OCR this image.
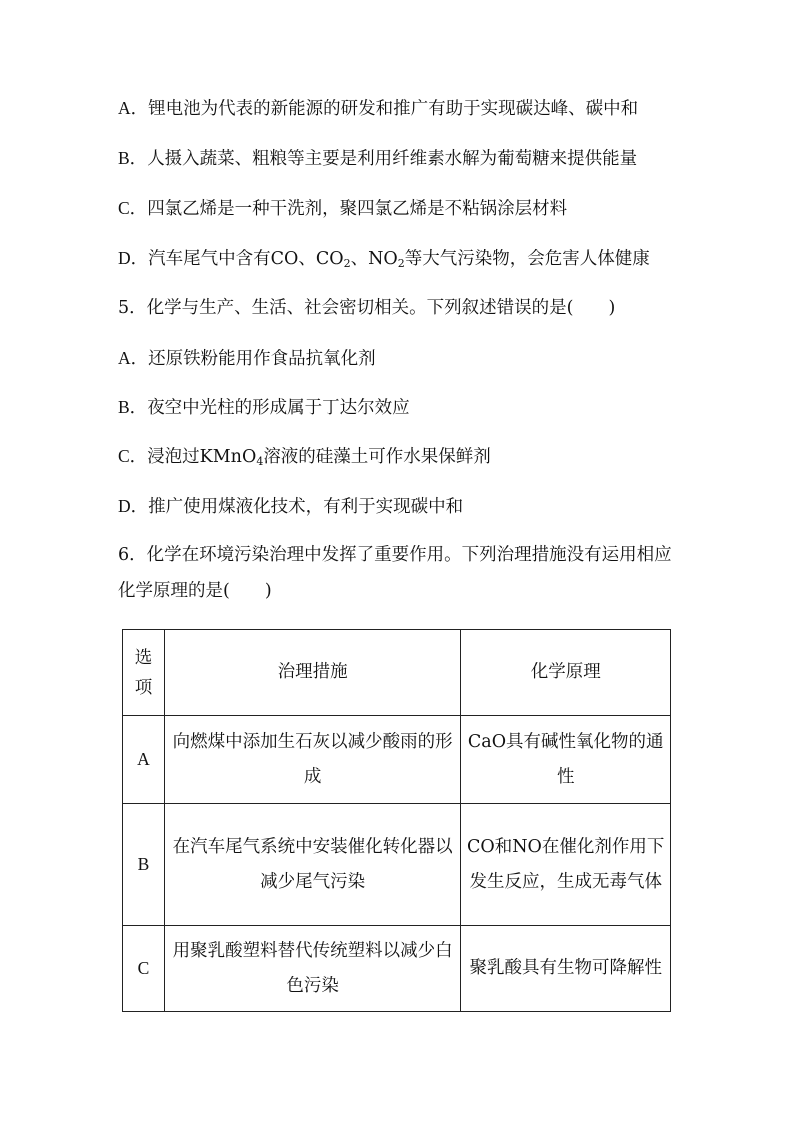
A．锂电池为代表的新能源的研发和推广有助于实现碳达峰、碳中和
B．人摄入蔬菜、粗粮等主要是利用纤维素水解为葡萄糖来提供能量
C．四氯乙烯是一种干洗剂，聚四氯乙烯是不粘锅涂层材料
D．汽车尾气中含有CO、$CO_2$、$NO_2$等大气污染物，会危害人体健康
5．化学与生产、生活、社会密切相关。下列叙述错误的是(　　)
A．还原铁粉能用作食品抗氧化剂
B．夜空中光柱的形成属于丁达尔效应
C．浸泡过KMnO$_4$溶液的硅藻土可作水果保鲜剂
D．推广使用煤液化技术，有利于实现碳中和
6．化学在环境污染治理中发挥了重要作用。下列治理措施没有运用相应化学原理的是(　　)
选项	治理措施	化学原理
A	向燃煤中添加生石灰以减少酸雨的形成	CaO具有碱性氧化物的通性
B	在汽车尾气系统中安装催化转化器以减少尾气污染	CO和NO在催化剂作用下发生反应，生成无毒气体
C	用聚乳酸塑料替代传统塑料以减少白色污染	聚乳酸具有生物可降解性
